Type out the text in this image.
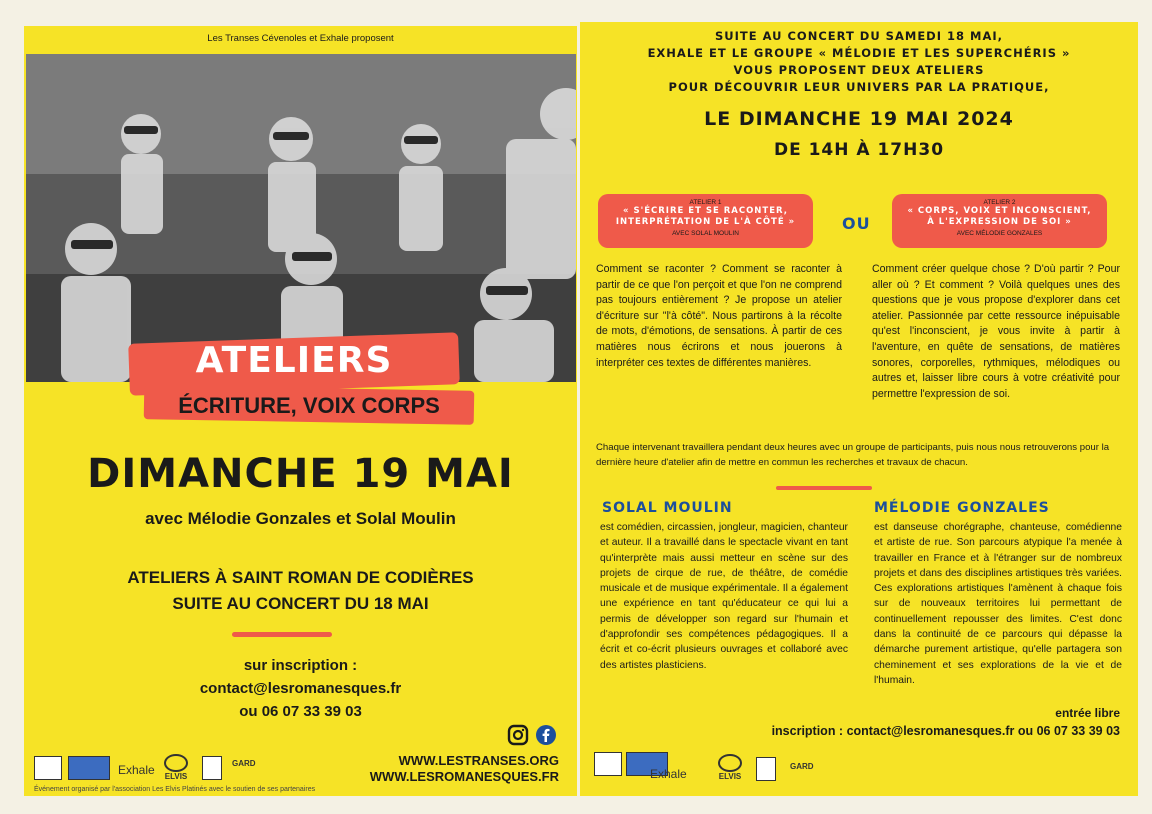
Les Transes Cévenoles et Exhale proposent
ATELIERS
ÉCRITURE, VOIX CORPS
DIMANCHE 19 MAI
avec Mélodie Gonzales et Solal Moulin
ATELIERS À SAINT ROMAN DE CODIÈRES
SUITE AU CONCERT DU 18 MAI
sur inscription :
contact@lesromanesques.fr
ou 06 07 33 39 03
WWW.LESTRANSES.ORG
WWW.LESROMANESQUES.FR
Exhale ELVIS
GARD
Événement organisé par l'association Les Elvis Platinés avec le soutien de ses partenaires
SUITE AU CONCERT DU SAMEDI 18 MAI,
EXHALE ET LE GROUPE « MÉLODIE ET LES SUPERCHÉRIS »
VOUS PROPOSENT DEUX ATELIERS
POUR DÉCOUVRIR LEUR UNIVERS PAR LA PRATIQUE,
LE DIMANCHE 19 MAI 2024
DE 14H À 17H30
ATELIER 1
« S'ÉCRIRE ET SE RACONTER,
INTERPRÉTATION DE L'À CÔTÉ »
AVEC SOLAL MOULIN
OU
ATELIER 2
« CORPS, VOIX ET INCONSCIENT,
À L'EXPRESSION DE SOI »
AVEC MÉLODIE GONZALES
Comment se raconter ? Comment se raconter à partir de ce que l'on perçoit et que l'on ne comprend pas toujours entièrement ? Je propose un atelier d'écriture sur "l'à côté". Nous partirons à la récolte de mots, d'émotions, de sensations. À partir de ces matières nous écrirons et nous jouerons à interpréter ces textes de différentes manières.
Comment créer quelque chose ? D'où partir ? Pour aller où ? Et comment ? Voilà quelques unes des questions que je vous propose d'explorer dans cet atelier. Passionnée par cette ressource inépuisable qu'est l'inconscient, je vous invite à partir à l'aventure, en quête de sensations, de matières sonores, corporelles, rythmiques, mélodiques ou autres et, laisser libre cours à votre créativité pour permettre l'expression de soi.
Chaque intervenant travaillera pendant deux heures avec un groupe de participants, puis nous nous retrouverons pour la dernière heure d'atelier afin de mettre en commun les recherches et travaux de chacun.
SOLAL MOULIN
est comédien, circassien, jongleur, magicien, chanteur et auteur. Il a travaillé dans le spectacle vivant en tant qu'interprète mais aussi metteur en scène sur des projets de cirque de rue, de théâtre, de comédie musicale et de musique expérimentale. Il a également une expérience en tant qu'éducateur ce qui lui a permis de développer son regard sur l'humain et d'approfondir ses compétences pédagogiques. Il a écrit et co-écrit plusieurs ouvrages et collaboré avec des artistes plasticiens.
MÉLODIE GONZALES
est danseuse chorégraphe, chanteuse, comédienne et artiste de rue. Son parcours atypique l'a menée à travailler en France et à l'étranger sur de nombreux projets et dans des disciplines artistiques très variées. Ces explorations artistiques l'amènent à chaque fois sur de nouveaux territoires lui permettant de continuellement repousser des limites. C'est donc dans la continuité de ce parcours qui dépasse la démarche purement artistique, qu'elle partagera son cheminement et ses explorations de la vie et de l'humain.
entrée libre
inscription : contact@lesromanesques.fr ou 06 07 33 39 03
Exhale	ELVIS
GARD
